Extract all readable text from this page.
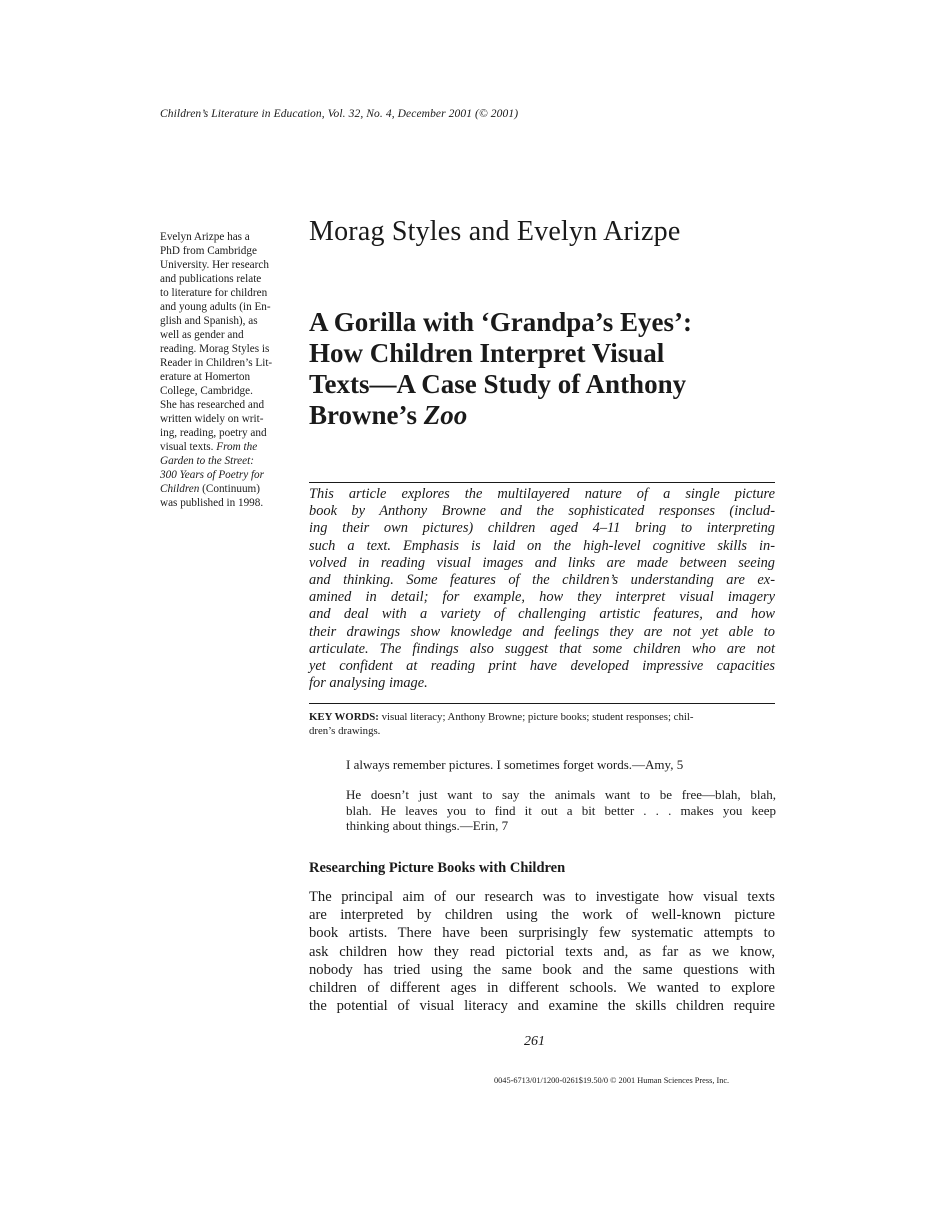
Children’s Literature in Education, Vol. 32, No. 4, December 2001 (© 2001)
Evelyn Arizpe has a
PhD from Cambridge
University. Her research
and publications relate
to literature for children
and young adults (in En-
glish and Spanish), as
well as gender and
reading. Morag Styles is
Reader in Children’s Lit-
erature at Homerton
College, Cambridge.
She has researched and
written widely on writ-
ing, reading, poetry and
visual texts. From the
Garden to the Street:
300 Years of Poetry for
Children (Continuum)
was published in 1998.
Morag Styles and Evelyn Arizpe
A Gorilla with ‘Grandpa’s Eyes’:
How Children Interpret Visual
Texts—A Case Study of Anthony
Browne’s Zoo
This article explores the multilayered nature of a single picture
book by Anthony Browne and the sophisticated responses (includ-
ing their own pictures) children aged 4–11 bring to interpreting
such a text. Emphasis is laid on the high-level cognitive skills in-
volved in reading visual images and links are made between seeing
and thinking. Some features of the children’s understanding are ex-
amined in detail; for example, how they interpret visual imagery
and deal with a variety of challenging artistic features, and how
their drawings show knowledge and feelings they are not yet able to
articulate. The findings also suggest that some children who are not
yet confident at reading print have developed impressive capacities
for analysing image.
KEY WORDS: visual literacy; Anthony Browne; picture books; student responses; chil-
dren’s drawings.
I always remember pictures. I sometimes forget words.—Amy, 5
He doesn’t just want to say the animals want to be free—blah, blah,
blah. He leaves you to find it out a bit better . . . makes you keep
thinking about things.—Erin, 7
Researching Picture Books with Children
The principal aim of our research was to investigate how visual texts
are interpreted by children using the work of well-known picture
book artists. There have been surprisingly few systematic attempts to
ask children how they read pictorial texts and, as far as we know,
nobody has tried using the same book and the same questions with
children of different ages in different schools. We wanted to explore
the potential of visual literacy and examine the skills children require
261
0045-6713/01/1200-0261$19.50/0 © 2001 Human Sciences Press, Inc.
